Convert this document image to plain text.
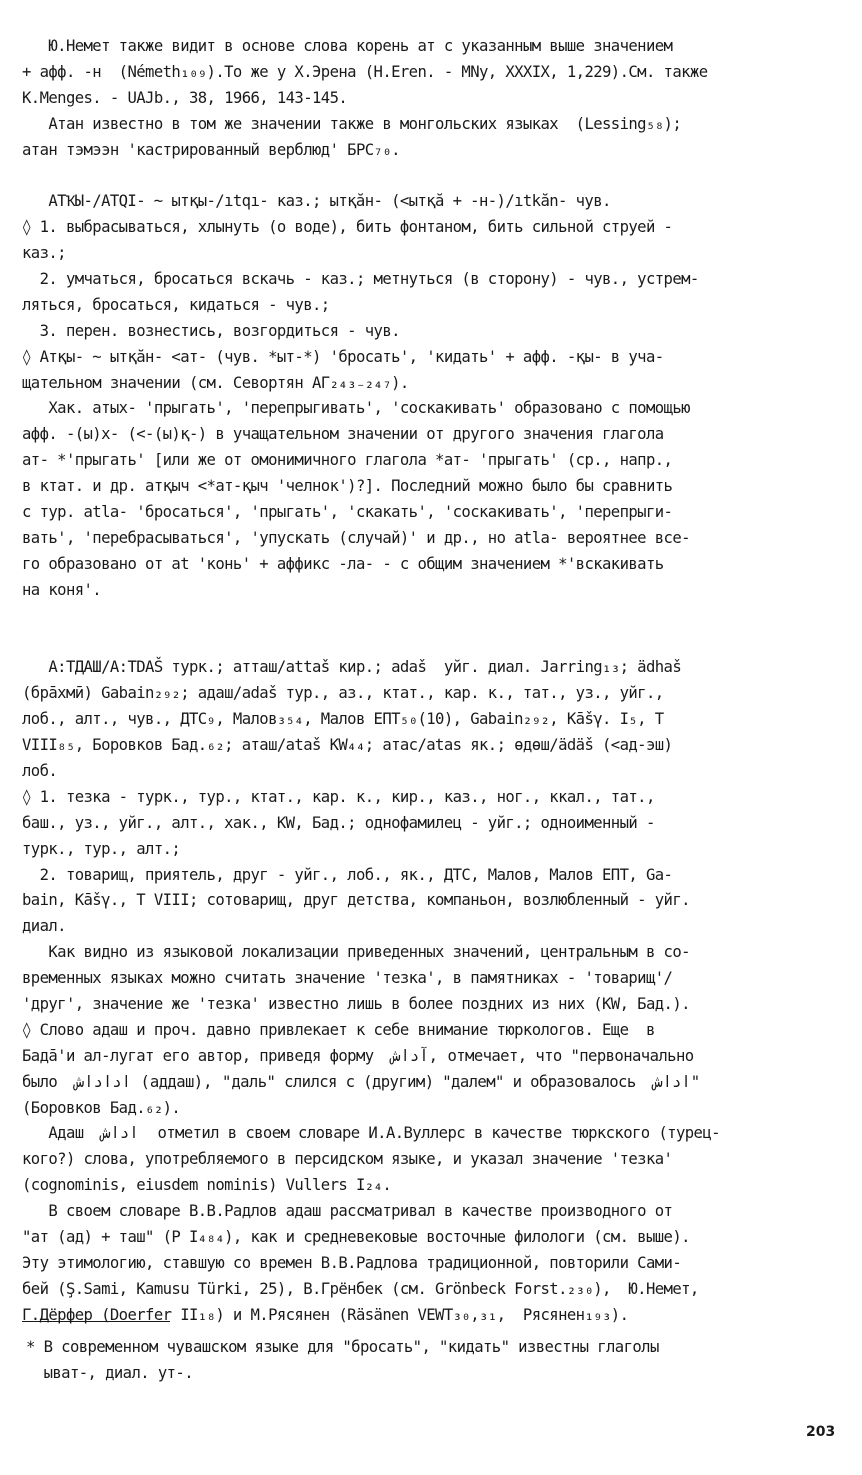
Ю.Немет также видит в основе слова корень ат с указанным выше значением
+ афф. -н  (Németh₁₀₉).То же у Х.Эрена (H.Eren. - MNy, XXXIX, 1,229).См. также
K.Menges. - UAJb., 38, 1966, 143-145.
Атан известно в том же значении также в монгольских языках  (Lessing₅₈);
атан тэмээн 'кастрированный верблюд' БРС₇₀.
АТҠЫ-/ATQI- ~ ытқы-/ıtqı- каз.; ытқăн- (<ытқă + -н-)/ıtkăn- чув.
◊ 1. выбрасываться, хлынуть (о воде), бить фонтаном, бить сильной струей -
каз.;
2. умчаться, бросаться вскачь - каз.; метнуться (в сторону) - чув., устрем-
ляться, бросаться, кидаться - чув.;
3. перен. вознестись, возгордиться - чув.
◊ Атқы- ~ ытқăн- <ат- (чув. *ыт-*) 'бросать', 'кидать' + афф. -қы- в уча-
щательном значении (см. Севортян АГ₂₄₃₋₂₄₇).
Хак. атых- 'прыгать', 'перепрыгивать', 'соскакивать' образовано с помощью
афф. -(ы)х- (<-(ы)қ-) в учащательном значении от другого значения глагола
ат- *'прыгать' [или же от омонимичного глагола *ат- 'прыгать' (ср., напр.,
в ктат. и др. атқыч <*ат-қыч 'челнок')?]. Последний можно было бы сравнить
с тур. atla- 'бросаться', 'прыгать', 'скакать', 'соскакивать', 'перепрыги-
вать', 'перебрасываться', 'упускать (случай)' и др., но atla- вероятнее все-
го образовано от at 'конь' + аффикс -ла- - с общим значением *'вскакивать
на коня'.
А:ТДАШ/A:TDAŠ турк.; атташ/attaš кир.; adaš  уйг. диал. Jarring₁₃; ädhaš
(брāхмӣ) Gabain₂₉₂; адаш/adaš тур., аз., ктат., кар. к., тат., уз., уйг.,
лоб., алт., чув., ДТС₉, Малов₃₅₄, Малов ЕПТ₅₀(10), Gabain₂₉₂, Kāšγ. I₅, T
VIII₈₅, Боровков Бад.₆₂; аташ/ataš KW₄₄; атас/atas як.; өдөш/ädäš (<ад-эш)
лоб.
◊ 1. тезка - турк., тур., ктат., кар. к., кир., каз., ног., ккал., тат.,
баш., уз., уйг., алт., хак., KW, Бад.; однофамилец - уйг.; одноименный -
турк., тур., алт.;
2. товарищ, приятель, друг - уйг., лоб., як., ДТС, Малов, Малов ЕПТ, Ga-
bain, Kāšγ., T VIII; сотоварищ, друг детства, компаньон, возлюбленный - уйг.
диал.
Как видно из языковой локализации приведенных значений, центральным в со-
временных языках можно считать значение 'тезка', в памятниках - 'товарищ'/
'друг', значение же 'тезка' известно лишь в более поздних из них (KW, Бад.).
◊ Слово адаш и проч. давно привлекает к себе внимание тюркологов. Еще  в
Бадā'и ал-лугат его автор, приведя форму  آداش, отмечает, что "первоначально
было  اداداش (аддаш), "даль" слился с (другим) "далем" и образовалось  اداش"
(Боровков Бад.₆₂).
Адаш  اداش  отметил в своем словаре И.А.Вуллерс в качестве тюркского (турец-
кого?) слова, употребляемого в персидском языке, и указал значение 'тезка'
(cognominis, eiusdem nominis) Vullers I₂₄.
В своем словаре В.В.Радлов адаш рассматривал в качестве производного от
"ат (ад) + таш" (Р I₄₈₄), как и средневековые восточные филологи (см. выше).
Эту этимологию, ставшую со времен В.В.Радлова традиционной, повторили Сами-
бей (Ş.Sami, Kamusu Türki, 25), В.Грёнбек (см. Grönbeck Forst.₂₃₀),  Ю.Немет,
Г.Дёрфер (Doerfer II₁₈) и М.Рясянен (Räsänen VEWT₃₀,₃₁,  Рясянен₁₉₃).
* В современном чувашском языке для "бросать", "кидать" известны глаголы
ыват-, диал. ут-.
203
